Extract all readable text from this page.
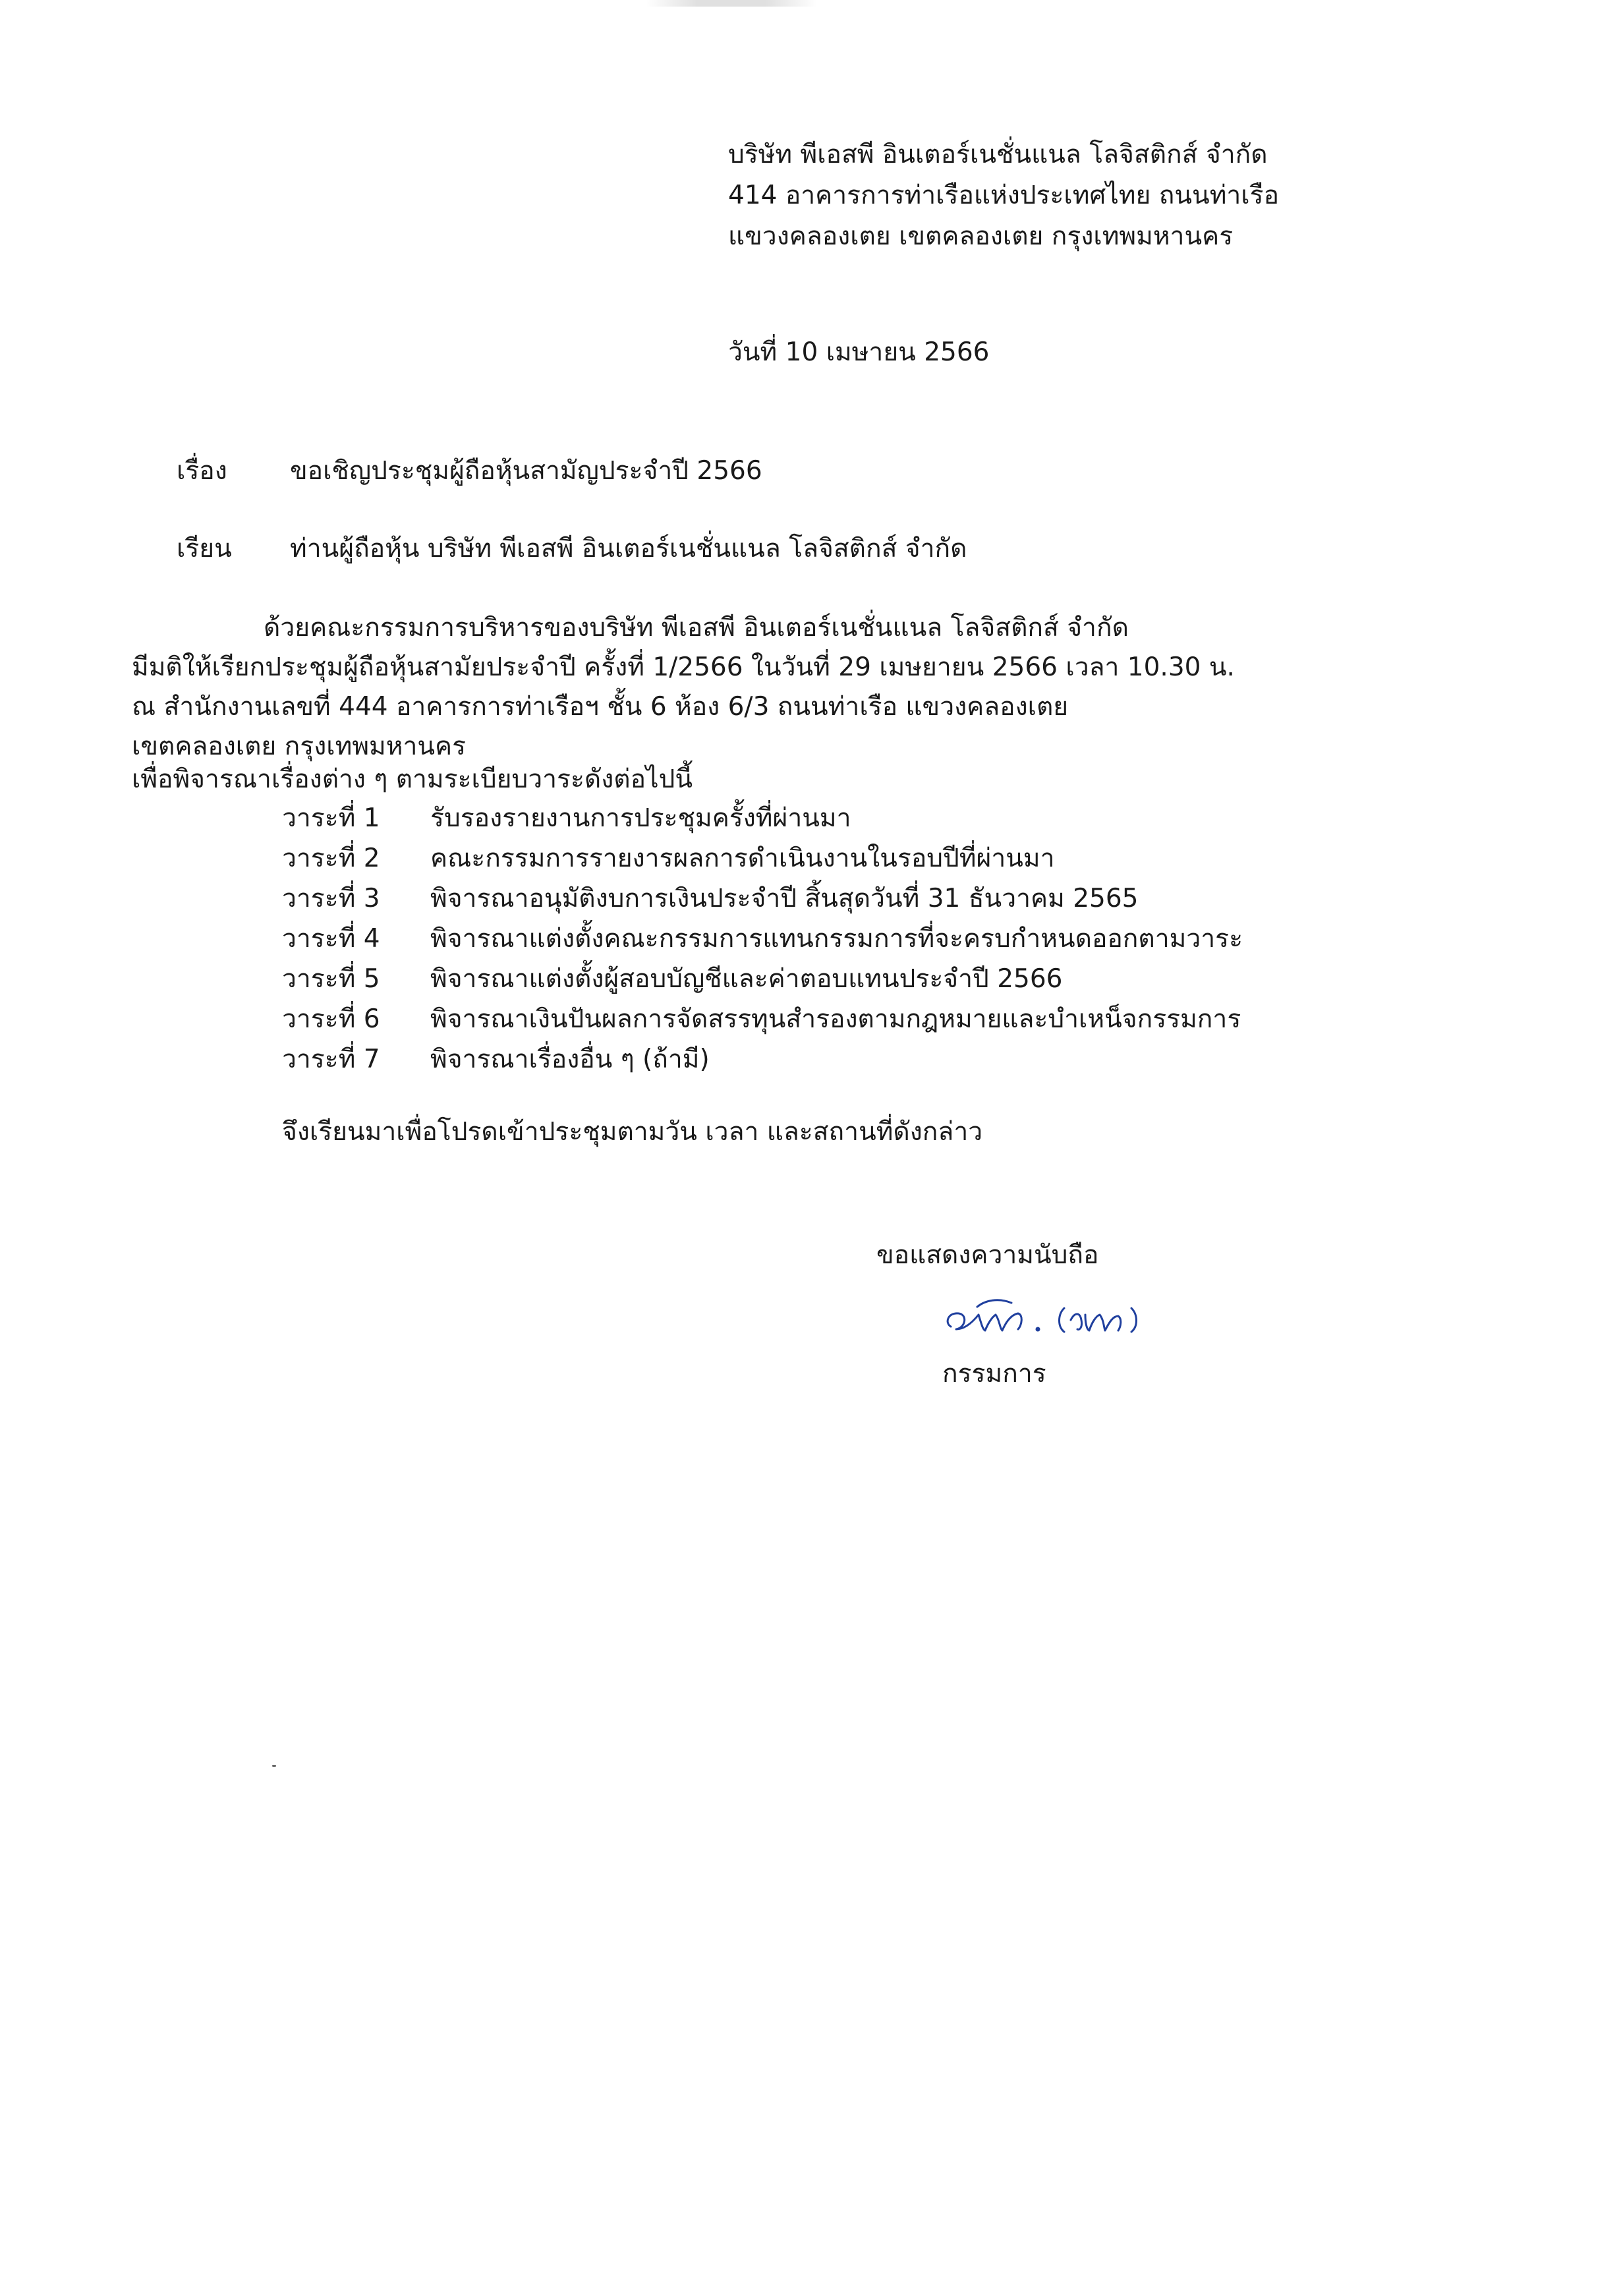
บริษัท พีเอสพี อินเตอร์เนชั่นแนล โลจิสติกส์ จำกัด
414 อาคารการท่าเรือแห่งประเทศไทย ถนนท่าเรือ
แขวงคลองเตย เขตคลองเตย กรุงเทพมหานคร
วันที่ 10 เมษายน 2566
เรื่อง ขอเชิญประชุมผู้ถือหุ้นสามัญประจำปี 2566
เรียน ท่านผู้ถือหุ้น บริษัท พีเอสพี อินเตอร์เนชั่นแนล โลจิสติกส์ จำกัด
ด้วยคณะกรรมการบริหารของบริษัท พีเอสพี อินเตอร์เนชั่นแนล โลจิสติกส์ จำกัด
มีมติให้เรียกประชุมผู้ถือหุ้นสามัยประจำปี ครั้งที่ 1/2566 ในวันที่ 29 เมษยายน 2566 เวลา 10.30 น.
ณ สำนักงานเลขที่ 444 อาคารการท่าเรือฯ ชั้น 6 ห้อง 6/3 ถนนท่าเรือ แขวงคลองเตย
เขตคลองเตย กรุงเทพมหานคร
เพื่อพิจารณาเรื่องต่าง ๆ ตามระเบียบวาระดังต่อไปนี้
วาระที่ 1	รับรองรายงานการประชุมครั้งที่ผ่านมา
วาระที่ 2	คณะกรรมการรายงารผลการดำเนินงานในรอบปีที่ผ่านมา
วาระที่ 3	พิจารณาอนุมัติงบการเงินประจำปี สิ้นสุดวันที่ 31 ธันวาคม 2565
วาระที่ 4	พิจารณาแต่งตั้งคณะกรรมการแทนกรรมการที่จะครบกำหนดออกตามวาระ
วาระที่ 5	พิจารณาแต่งตั้งผู้สอบบัญชีและค่าตอบแทนประจำปี 2566
วาระที่ 6	พิจารณาเงินปันผลการจัดสรรทุนสำรองตามกฎหมายและบำเหน็จกรรมการ
วาระที่ 7	พิจารณาเรื่องอื่น ๆ (ถ้ามี)
จึงเรียนมาเพื่อโปรดเข้าประชุมตามวัน เวลา และสถานที่ดังกล่าว
ขอแสดงความนับถือ
กรรมการ
